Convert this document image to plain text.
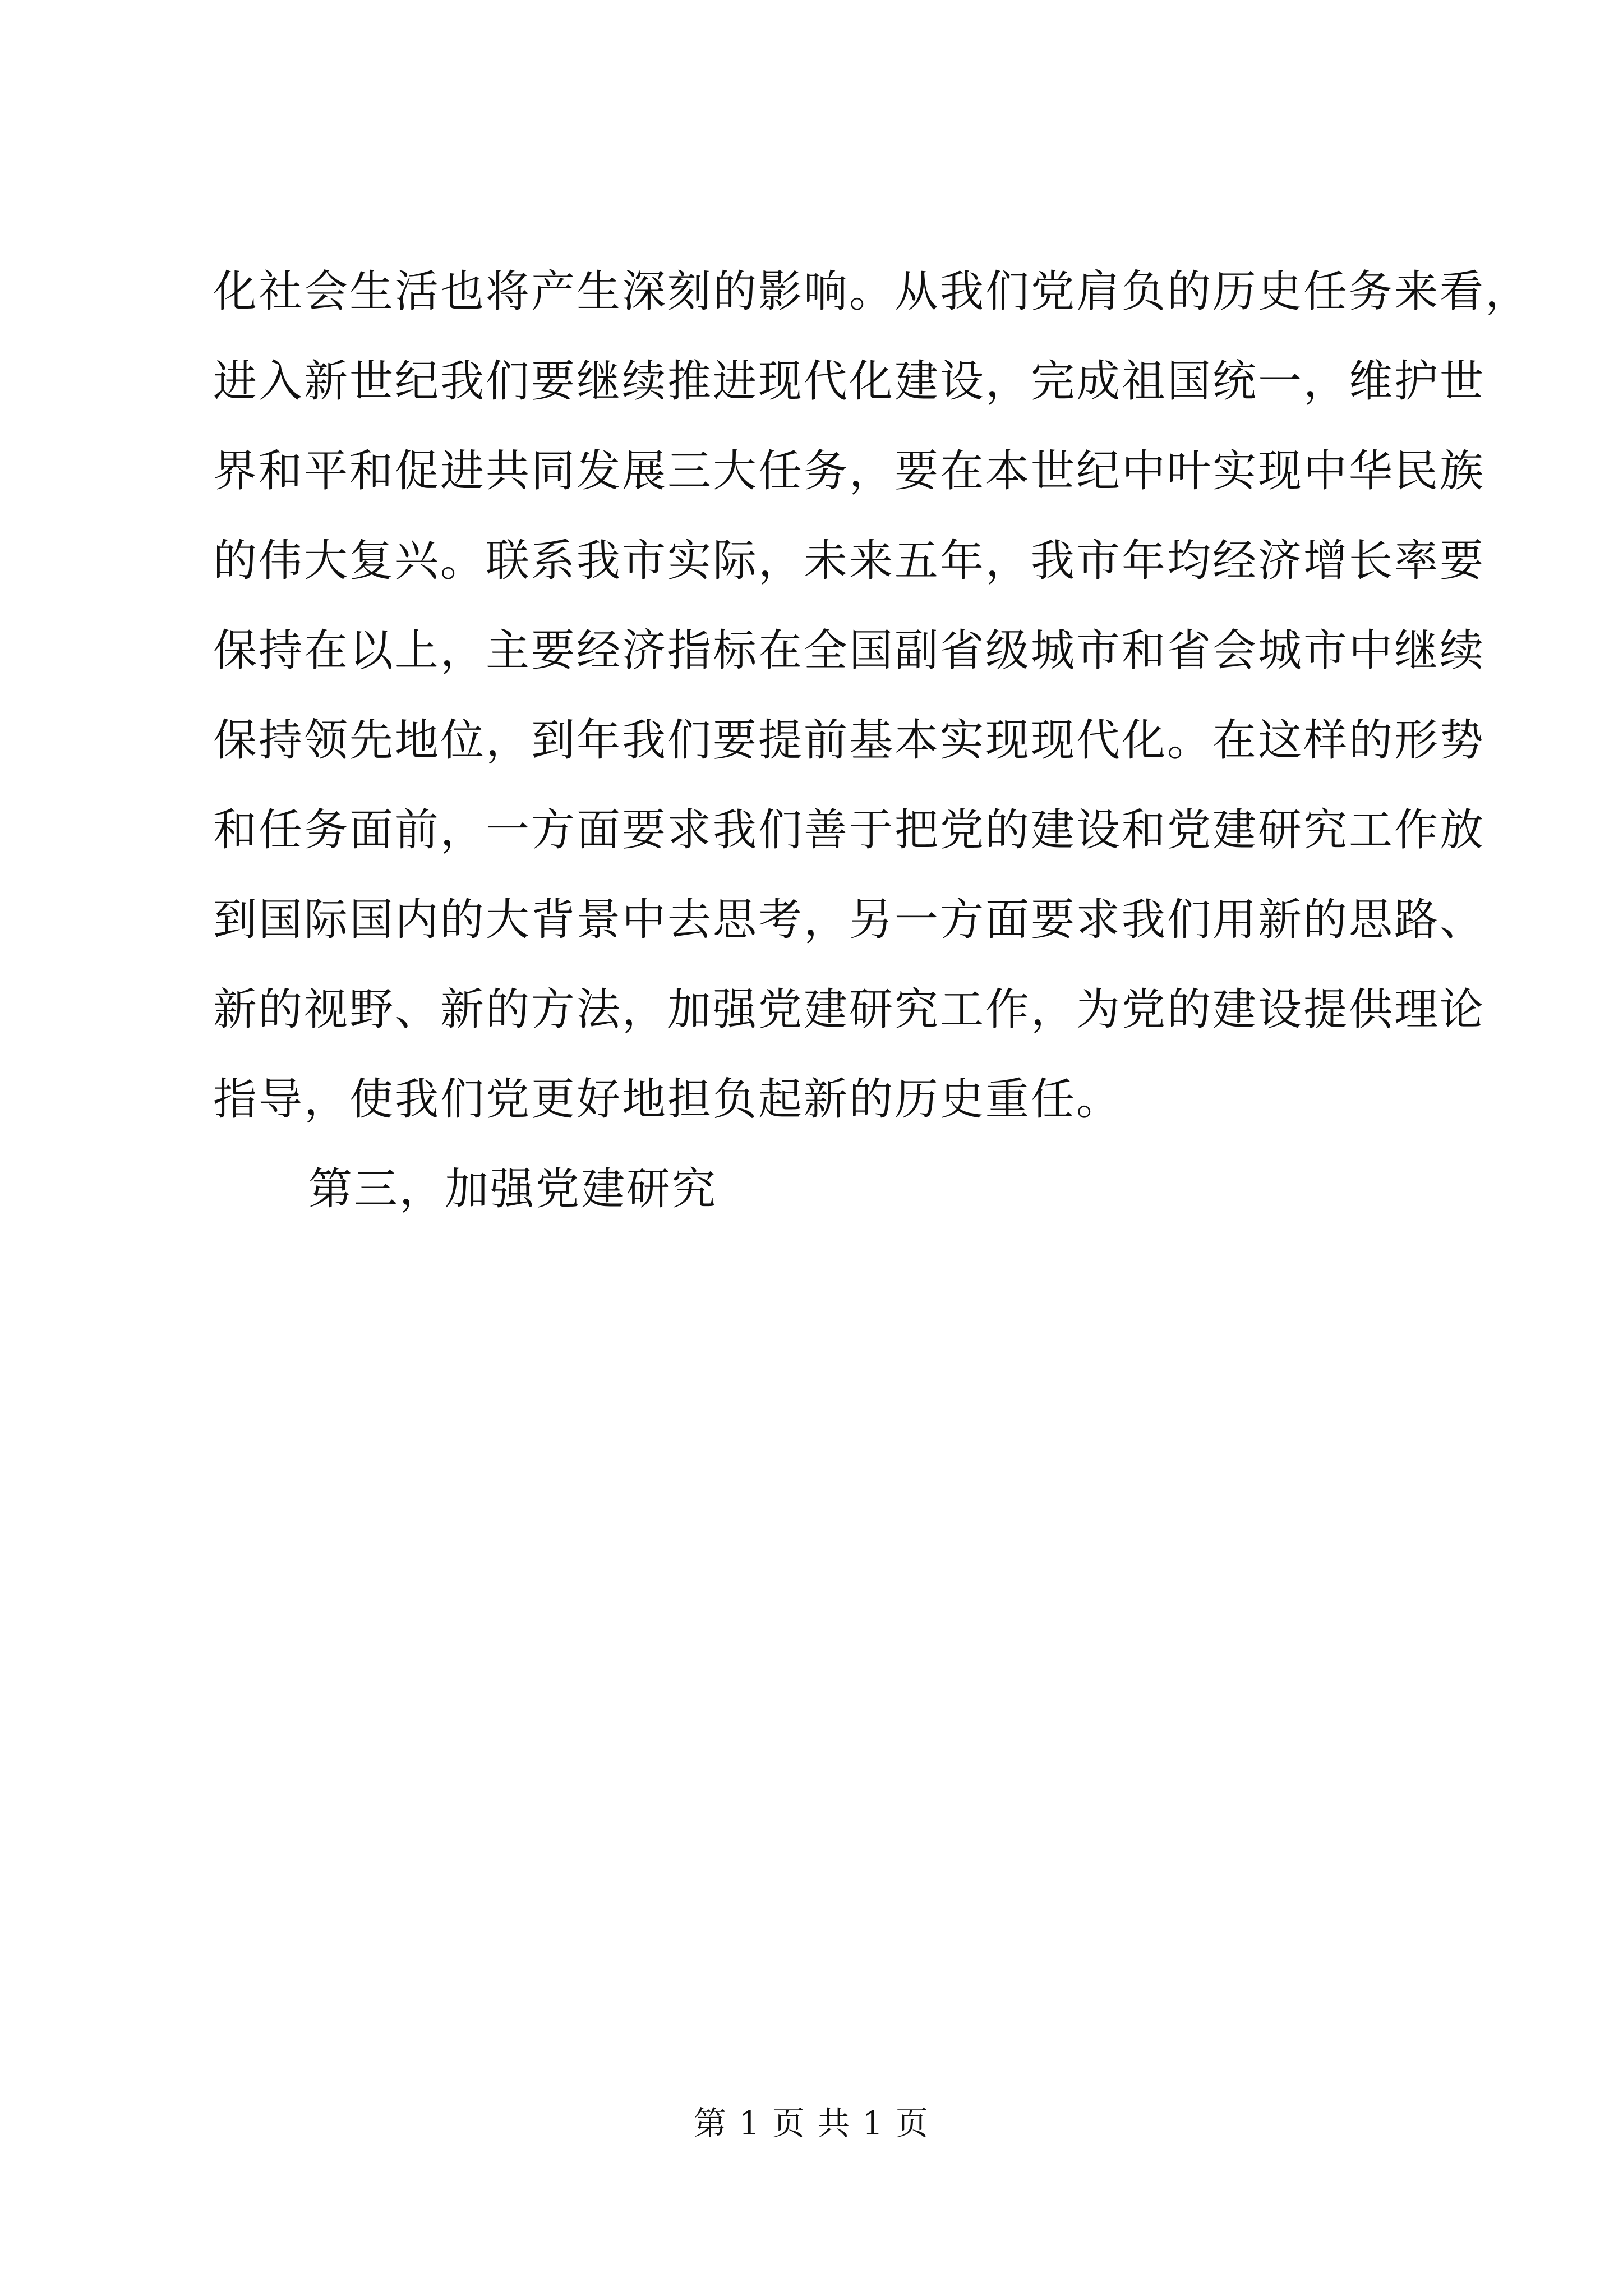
化社会生活也将产生深刻的影响。从我们党肩负的历史任务来看，
进入新世纪我们要继续推进现代化建设，完成祖国统一，维护世
界和平和促进共同发展三大任务，要在本世纪中叶实现中华民族
的伟大复兴。联系我市实际，未来五年，我市年均经济增长率要
保持在以上，主要经济指标在全国副省级城市和省会城市中继续
保持领先地位，到年我们要提前基本实现现代化。在这样的形势
和任务面前，一方面要求我们善于把党的建设和党建研究工作放
到国际国内的大背景中去思考，另一方面要求我们用新的思路、
新的视野、新的方法，加强党建研究工作，为党的建设提供理论
指导，使我们党更好地担负起新的历史重任。
第三，加强党建研究
第 1 页 共 1 页
